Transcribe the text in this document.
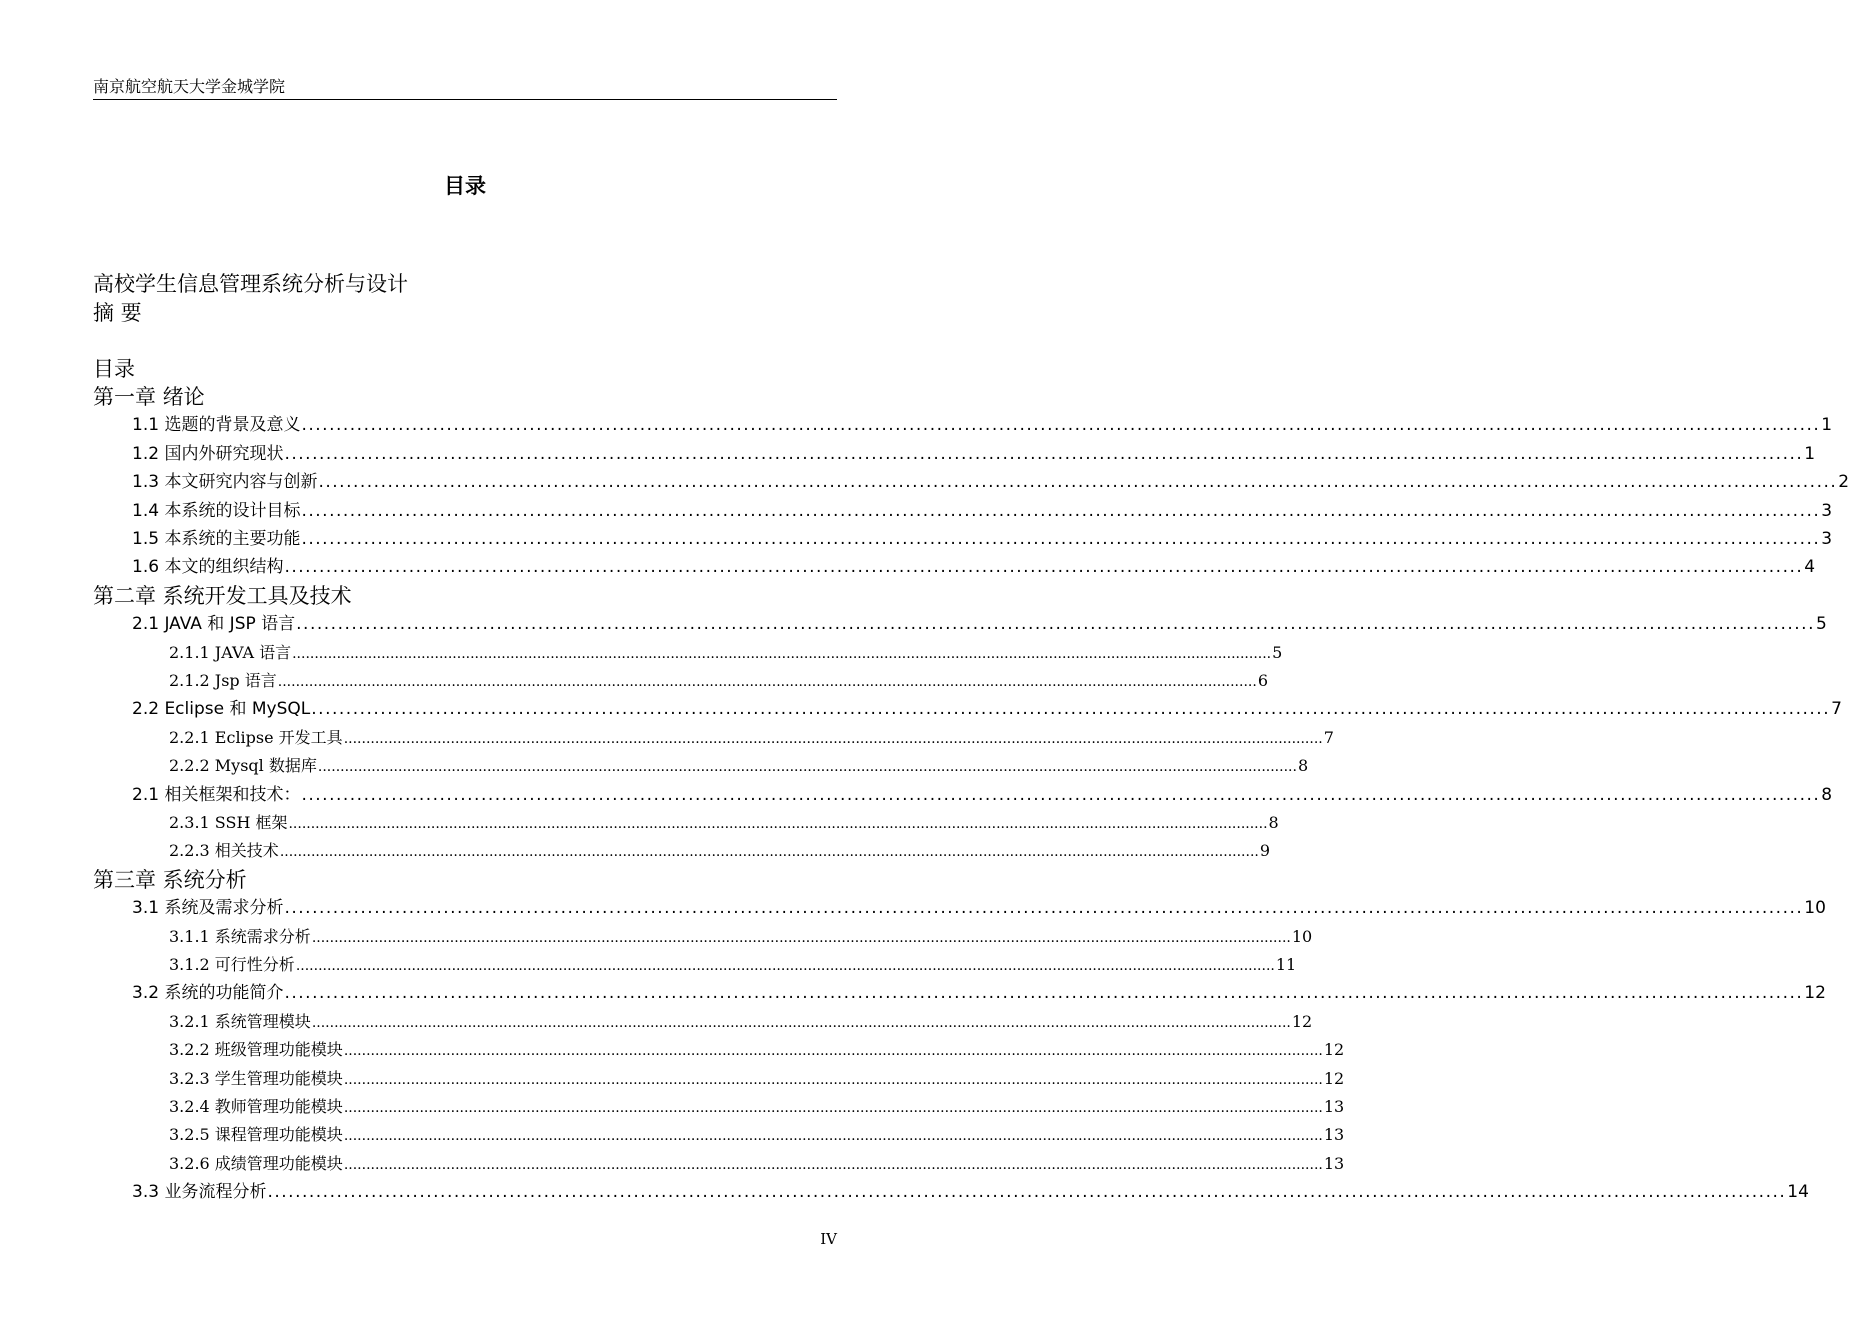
南京航空航天大学金城学院
目录
高校学生信息管理系统分析与设计
摘 要
目录
第一章 绪论
1.1 选题的背景及意义 ............................................................................................................................................................................................................................ 1
1.2 国内外研究现状 ............................................................................................................................................................................................................................ 1
1.3 本文研究内容与创新 ............................................................................................................................................................................................................................ 2
1.4 本系统的设计目标 ............................................................................................................................................................................................................................ 3
1.5 本系统的主要功能 ............................................................................................................................................................................................................................ 3
1.6 本文的组织结构 ............................................................................................................................................................................................................................ 4
第二章 系统开发工具及技术
2.1 JAVA 和 JSP 语言 ............................................................................................................................................................................................................................ 5
2.1.1 JAVA 语言 ............................................................................................................................................................................................................................ 5
2.1.2 Jsp 语言 ............................................................................................................................................................................................................................ 6
2.2 Eclipse 和 MySQL ............................................................................................................................................................................................................................ 7
2.2.1 Eclipse 开发工具 ............................................................................................................................................................................................................................ 7
2.2.2 Mysql 数据库 ............................................................................................................................................................................................................................ 8
2.1 相关框架和技术： ............................................................................................................................................................................................................................ 8
2.3.1 SSH 框架 ............................................................................................................................................................................................................................ 8
2.2.3 相关技术 ............................................................................................................................................................................................................................ 9
第三章 系统分析
3.1 系统及需求分析 ............................................................................................................................................................................................................................ 10
3.1.1 系统需求分析 ............................................................................................................................................................................................................................ 10
3.1.2 可行性分析 ............................................................................................................................................................................................................................ 11
3.2 系统的功能简介 ............................................................................................................................................................................................................................ 12
3.2.1 系统管理模块 ............................................................................................................................................................................................................................ 12
3.2.2 班级管理功能模块 ............................................................................................................................................................................................................................ 12
3.2.3 学生管理功能模块 ............................................................................................................................................................................................................................ 12
3.2.4 教师管理功能模块 ............................................................................................................................................................................................................................ 13
3.2.5 课程管理功能模块 ............................................................................................................................................................................................................................ 13
3.2.6 成绩管理功能模块 ............................................................................................................................................................................................................................ 13
3.3 业务流程分析 ............................................................................................................................................................................................................................ 14
IV
